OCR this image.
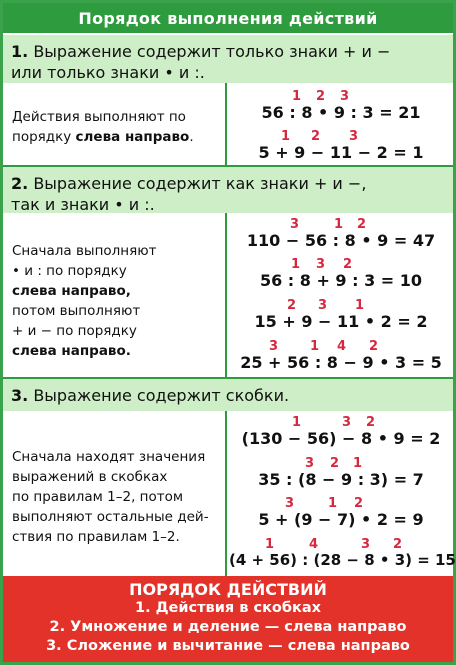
Порядок выполнения действий
1. Выражение содержит только знаки + и −
или только знаки • и :.
Действия выполняют по
порядку слева направо.
1 2 3
56 : 8 • 9 : 3 = 21
1 2 3
5 + 9 − 11 − 2 = 1
2. Выражение содержит как знаки + и −,
так и знаки • и :.
Сначала выполняют
• и : по порядку
слева направо,
потом выполняют
+ и − по порядку
слева направо.
3	1 2
110 − 56 : 8 • 9 = 47
1 3 2
56 : 8 + 9 : 3 = 10
2 3 1
15 + 9 − 11 • 2 = 2
3 1 4 2
25 + 56 : 8 − 9 • 3 = 5
3. Выражение содержит скобки.
Сначала находят значения
выражений в скобках
по правилам 1–2, потом
выполняют остальные дей-
ствия по правилам 1–2.
1	3 2
(130 − 56) − 8 • 9 = 2
3 2 1
35 : (8 − 9 : 3) = 7
3	1 2
5 + (9 − 7) • 2 = 9
1	4	3 2
(4 + 56) : (28 − 8 • 3) = 15
ПОРЯДОК ДЕЙСТВИЙ
1. Действия в скобках
2. Умножение и деление — слева направо
3. Сложение и вычитание — слева направо
